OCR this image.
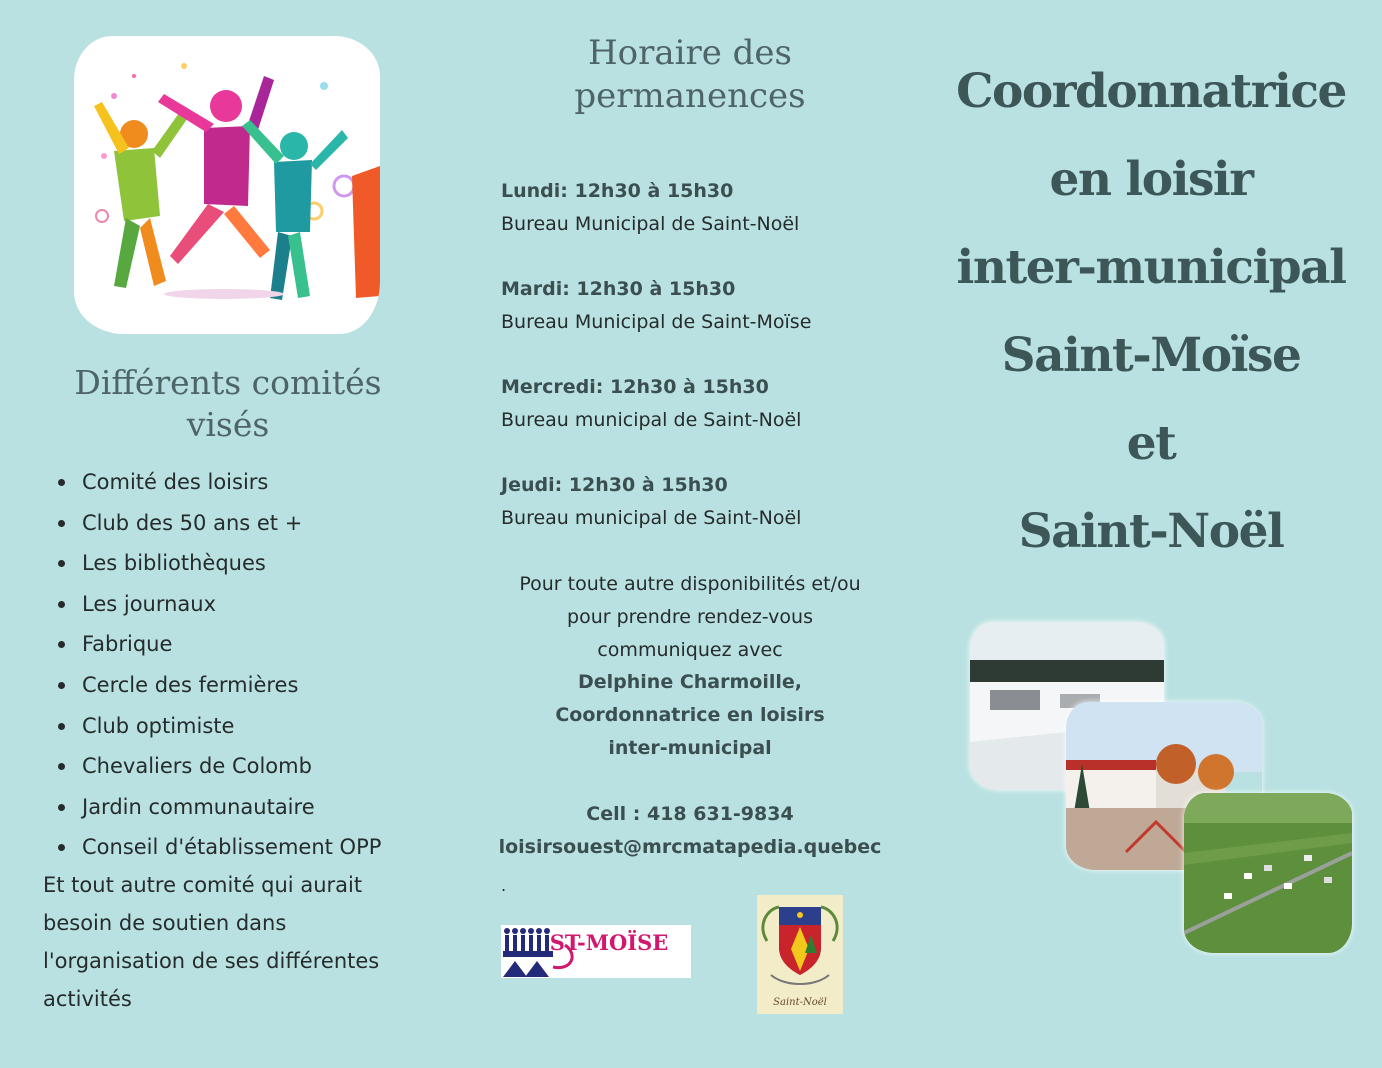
Différents comités visés
Comité des loisirs
Club des 50 ans et +
Les bibliothèques
Les journaux
Fabrique
Cercle des fermières
Club optimiste
Chevaliers de Colomb
Jardin communautaire
Conseil d'établissement OPP

Et tout autre comité qui aurait besoin de soutien dans l'organisation de ses différentes activités

Horaire des permanences
Lundi: 12h30 à 15h30
Bureau Municipal de Saint-Noël
Mardi: 12h30 à 15h30
Bureau Municipal de Saint-Moïse
Mercredi: 12h30 à 15h30
Bureau municipal de Saint-Noël
Jeudi: 12h30 à 15h30
Bureau municipal de Saint-Noël
Pour toute autre disponibilités et/ou
pour prendre rendez-vous
communiquez avec
Delphine Charmoille,
Coordonnatrice en loisirs
inter-municipal
Cell : 418 631-9834
loisirsouest@mrcmatapedia.quebec
.
ST-MOÏSE
Saint-Noël
Coordonnatrice
en loisir
inter-municipal
Saint-Moïse
et
Saint-Noël
